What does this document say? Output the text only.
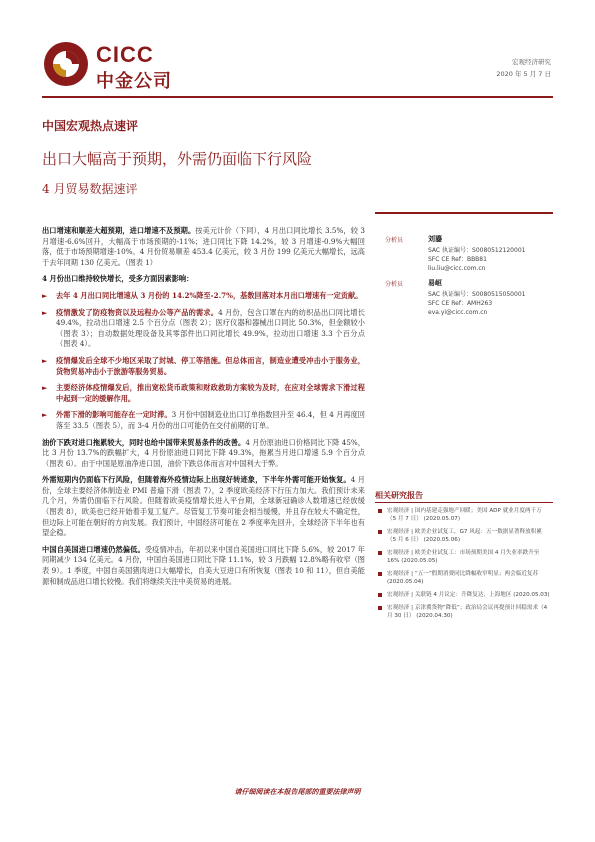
CICC
中金公司
宏观经济研究
2020 年 5 月 7 日
中国宏观热点速评
出口大幅高于预期，外需仍面临下行风险
4 月贸易数据速评

出口增速和顺差大超预期，进口增速不及预期。按美元计价（下同），4 月出口同比增长 3.5%，较 3 月增速-6.6%回升，大幅高于市场预期的-11%；进口同比下降 14.2%，较 3 月增速-0.9%大幅回落，低于市场预期增速-10%。4 月份贸易顺差 453.4 亿美元，较 3 月份 199 亿美元大幅增长，远高于去年同期 130 亿美元。（图表 1）

4 月份出口维持较快增长，受多方面因素影响：

► 去年 4 月出口同比增速从 3 月份的 14.2%降至-2.7%，基数回落对本月出口增速有一定贡献。
► 疫情激发了防疫物资以及远程办公等产品的需求。4 月份，包含口罩在内的纺织品出口同比增长 49.4%，拉动出口增速 2.5 个百分点（图表 2）；医疗仪器和器械出口同比 50.3%，但金额较小（图表 3）；自动数据处理设备及其零部件出口同比增长 49.9%，拉动出口增速 3.3 个百分点（图表 4）。
► 疫情爆发后全球不少地区采取了封城、停工等措施。但总体而言，制造业遭受冲击小于服务业，货物贸易冲击小于旅游等服务贸易。
► 主要经济体疫情爆发后，推出宽松货币政策和财政救助方案较为及时，在应对全球需求下滑过程中起到一定的缓解作用。
► 外需下滑的影响可能存在一定时滞。3 月份中国制造业出口订单指数回升至 46.4，但 4 月再度回落至 33.5（图表 5），而 3-4 月份的出口可能仍在交付前期的订单。

油价下跌对进口拖累较大，同时也给中国带来贸易条件的改善。4 月份原油进口价格同比下降 45%，比 3 月份 13.7%的跌幅扩大，4 月份原油进口同比下降 49.3%，拖累当月进口增速 5.9 个百分点（图表 6）。由于中国是原油净进口国，油价下跌总体而言对中国利大于弊。

外需短期内仍面临下行风险，但随着海外疫情边际上出现好转迹象，下半年外需可能开始恢复。4 月份，全球主要经济体制造业 PMI 普遍下滑（图表 7），2 季度欧美经济下行压力加大。我们预计未来几个月，外需仍面临下行风险。但随着欧美疫情增长进入平台期，全球新冠确诊人数增速已经放缓（图表 8），欧美也已经开始着手复工复产。尽管复工节奏可能会相当缓慢，并且存在较大不确定性，但边际上可能在朝好的方向发展。我们预计，中国经济可能在 2 季度率先回升，全球经济下半年也有望企稳。

中国自美国进口增速仍然偏低。受疫情冲击，年初以来中国自美国进口同比下降 5.6%，较 2017 年同期减少 134 亿美元。4 月份，中国自美国进口同比下降 11.1%，较 3 月跌幅 12.8%略有收窄（图表 9）。1 季度，中国自美国猪肉进口大幅增长，自美大豆进口有所恢复（图表 10 和 11），但自美能源和制成品进口增长较慢。我们将继续关注中美贸易的进展。

分析员	刘鎏
SAC 执证编号：S0080512120001
SFC CE Ref：BBB81
liu.liu@cicc.com.cn
分析员	易峘
SAC 执证编号：S0080515050001
SFC CE Ref：AMH263
eva.yi@cicc.com.cn
相关研究报告
宏观经济 | 国内基建走强地产回暖；美国 ADP 就业月度两千万（5 月 7 日） (2020.05.07)
宏观经济 | 欧美企业试复工，G7 风起：五一数据显著释放积累（5 月 6 日） (2020.05.06)
宏观经济 | 欧美企业试复工：市场预期美国 4 月失业率跌升至 16% (2020.05.05)
宏观经济 | “五一”假期消费同比降幅收窄明显；两会临近复苏 (2020.05.04)
宏观经济 | 关联链 4 月议定：升降复达，上海地区 (2020.05.03)
宏观经济 | 京津冀货物“降低”；政治局会议再提预计回稳需求（4 月 30 日） (2020.04.30)
请仔细阅读在本报告尾部的重要法律声明
